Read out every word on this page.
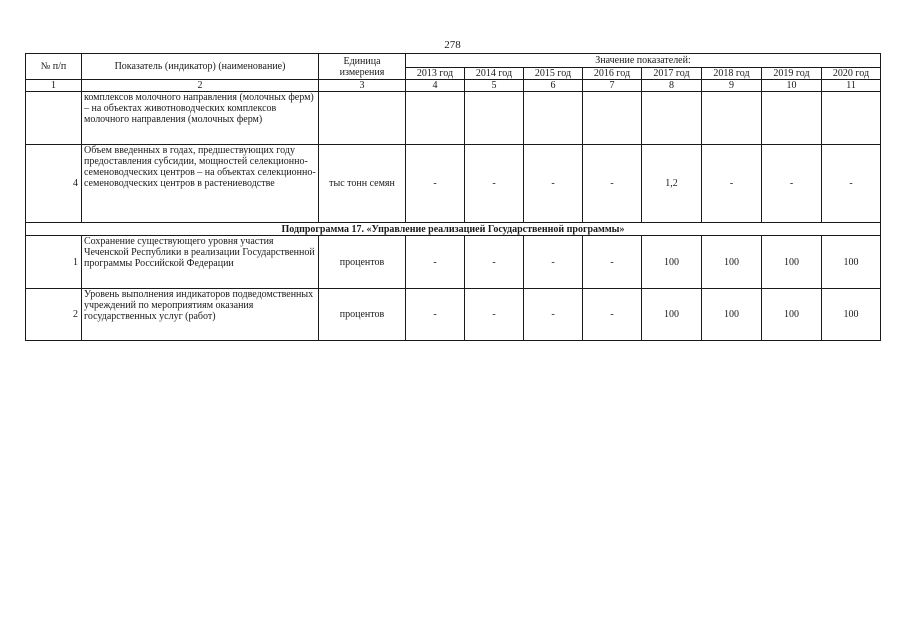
278
№ п/п	Показатель (индикатор) (наименование)	Единица измерения	Значение показателей:							
			2013 год	2014 год	2015 год	2016 год	2017 год	2018 год	2019 год	2020 год
1	2	3	4	5	6	7	8	9	10	11
	комплексов молочного направления (молочных ферм) – на объектах животноводческих комплексов молочного направления (молочных ферм)									
4	Объем введенных в годах, предшествующих году предоставления субсидии, мощностей селекционно-семеноводческих центров – на объектах селекционно- семеноводческих центров в растениеводстве	тыс тонн семян	-	-	-	-	1,2	-	-	-
Подпрограмма 17. «Управление реализацией Государственной программы»										
1	Сохранение существующего уровня участия Чеченской Республики в реализации Государственной программы Российской Федерации	процентов	-	-	-	-	100	100	100	100
2	Уровень выполнения индикаторов подведомственных учреждений по мероприятиям оказания государственных услуг (работ)	процентов	-	-	-	-	100	100	100	100
